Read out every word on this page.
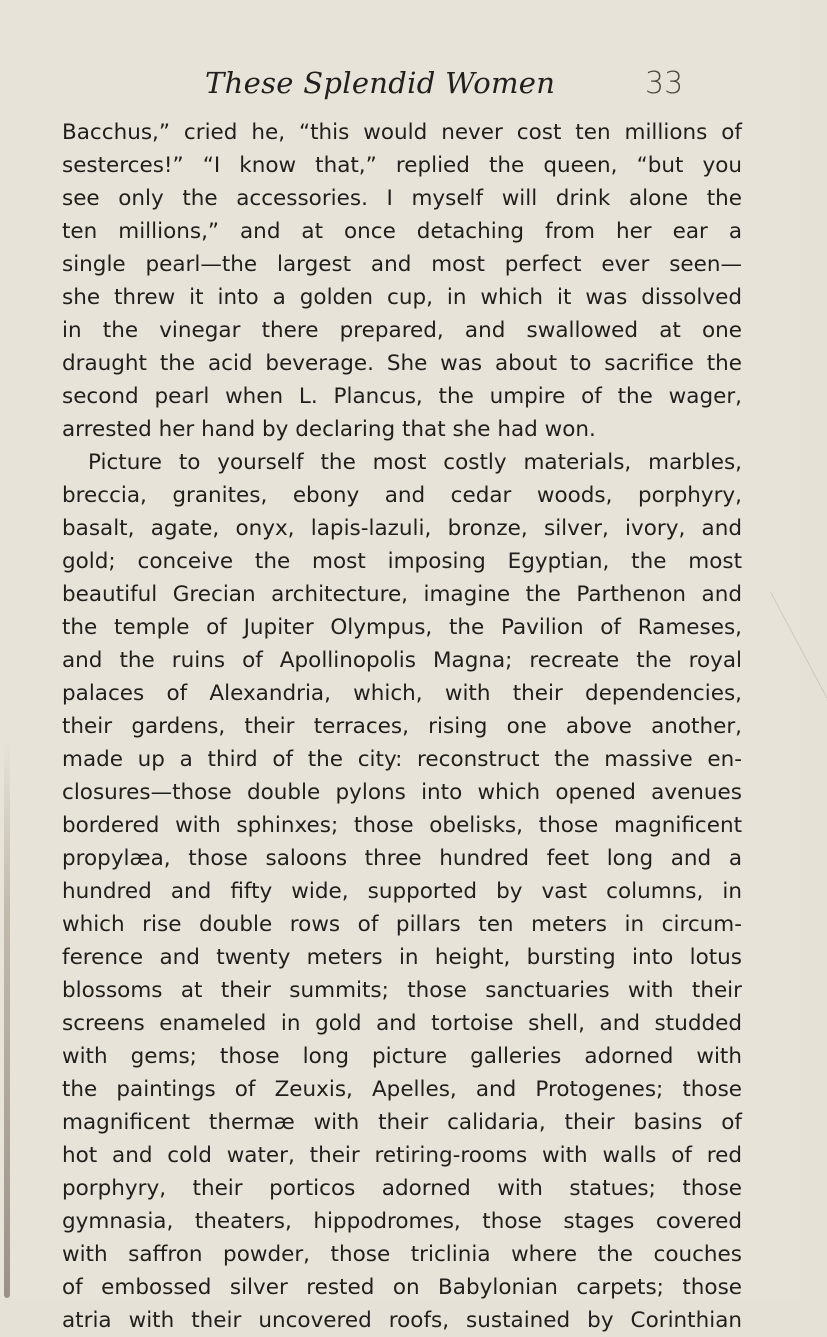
These Splendid Women	33
Bacchus,” cried he, “this would never cost ten millions of
sesterces!” “I know that,” replied the queen, “but you
see only the accessories. I myself will drink alone the
ten millions,” and at once detaching from her ear a
single pearl—the largest and most perfect ever seen—
she threw it into a golden cup, in which it was dissolved
in the vinegar there prepared, and swallowed at one
draught the acid beverage. She was about to sacrifice the
second pearl when L. Plancus, the umpire of the wager,
arrested her hand by declaring that she had won.
Picture to yourself the most costly materials, marbles,
breccia, granites, ebony and cedar woods, porphyry,
basalt, agate, onyx, lapis-lazuli, bronze, silver, ivory, and
gold; conceive the most imposing Egyptian, the most
beautiful Grecian architecture, imagine the Parthenon and
the temple of Jupiter Olympus, the Pavilion of Rameses,
and the ruins of Apollinopolis Magna; recreate the royal
palaces of Alexandria, which, with their dependencies,
their gardens, their terraces, rising one above another,
made up a third of the city: reconstruct the massive en-
closures—those double pylons into which opened avenues
bordered with sphinxes; those obelisks, those magnificent
propylæa, those saloons three hundred feet long and a
hundred and fifty wide, supported by vast columns, in
which rise double rows of pillars ten meters in circum-
ference and twenty meters in height, bursting into lotus
blossoms at their summits; those sanctuaries with their
screens enameled in gold and tortoise shell, and studded
with gems; those long picture galleries adorned with
the paintings of Zeuxis, Apelles, and Protogenes; those
magnificent thermæ with their calidaria, their basins of
hot and cold water, their retiring-rooms with walls of red
porphyry, their porticos adorned with statues; those
gymnasia, theaters, hippodromes, those stages covered
with saffron powder, those triclinia where the couches
of embossed silver rested on Babylonian carpets; those
atria with their uncovered roofs, sustained by Corinthian
